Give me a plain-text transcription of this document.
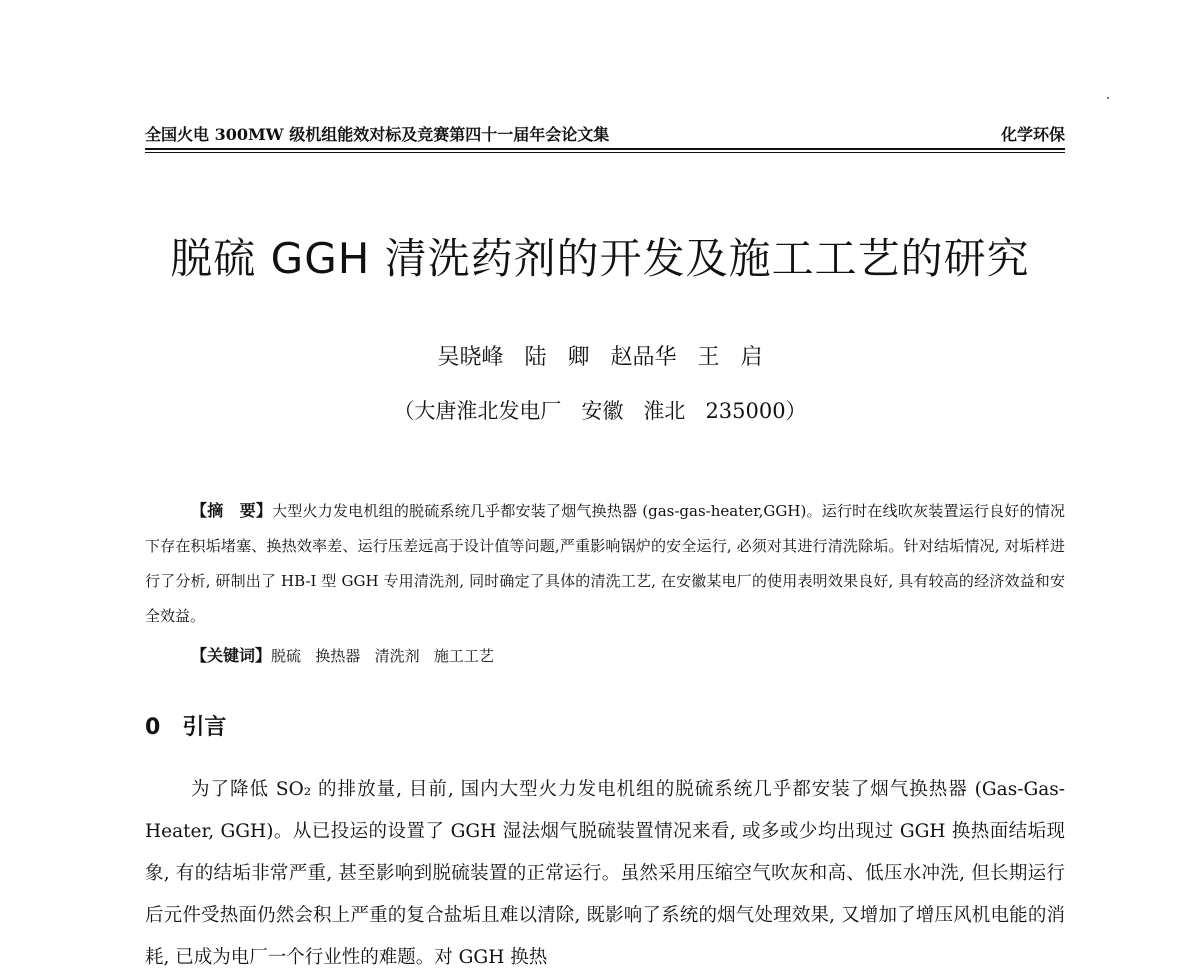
全国火电 300MW 级机组能效对标及竞赛第四十一届年会论文集	化学环保
脱硫 GGH 清洗药剂的开发及施工工艺的研究
吴晓峰   陆   卿   赵品华   王   启
（大唐淮北发电厂   安徽   淮北   235000）
【摘　要】大型火力发电机组的脱硫系统几乎都安装了烟气换热器 (gas-gas-heater,GGH)。运行时在线吹灰装置运行良好的情况下存在积垢堵塞、换热效率差、运行压差远高于设计值等问题,严重影响锅炉的安全运行, 必须对其进行清洗除垢。针对结垢情况, 对垢样进行了分析, 研制出了 HB-I 型 GGH 专用清洗剂, 同时确定了具体的清洗工艺, 在安徽某电厂的使用表明效果良好, 具有较高的经济效益和安全效益。
【关键词】脱硫   换热器   清洗剂   施工工艺
0 引言
为了降低 SO₂ 的排放量, 目前, 国内大型火力发电机组的脱硫系统几乎都安装了烟气换热器 (Gas-Gas-Heater, GGH)。从已投运的设置了 GGH 湿法烟气脱硫装置情况来看, 或多或少均出现过 GGH 换热面结垢现象, 有的结垢非常严重, 甚至影响到脱硫装置的正常运行。虽然采用压缩空气吹灰和高、低压水冲洗, 但长期运行后元件受热面仍然会积上严重的复合盐垢且难以清除, 既影响了系统的烟气处理效果, 又增加了增压风机电能的消耗, 已成为电厂一个行业性的难题。对 GGH 换热
